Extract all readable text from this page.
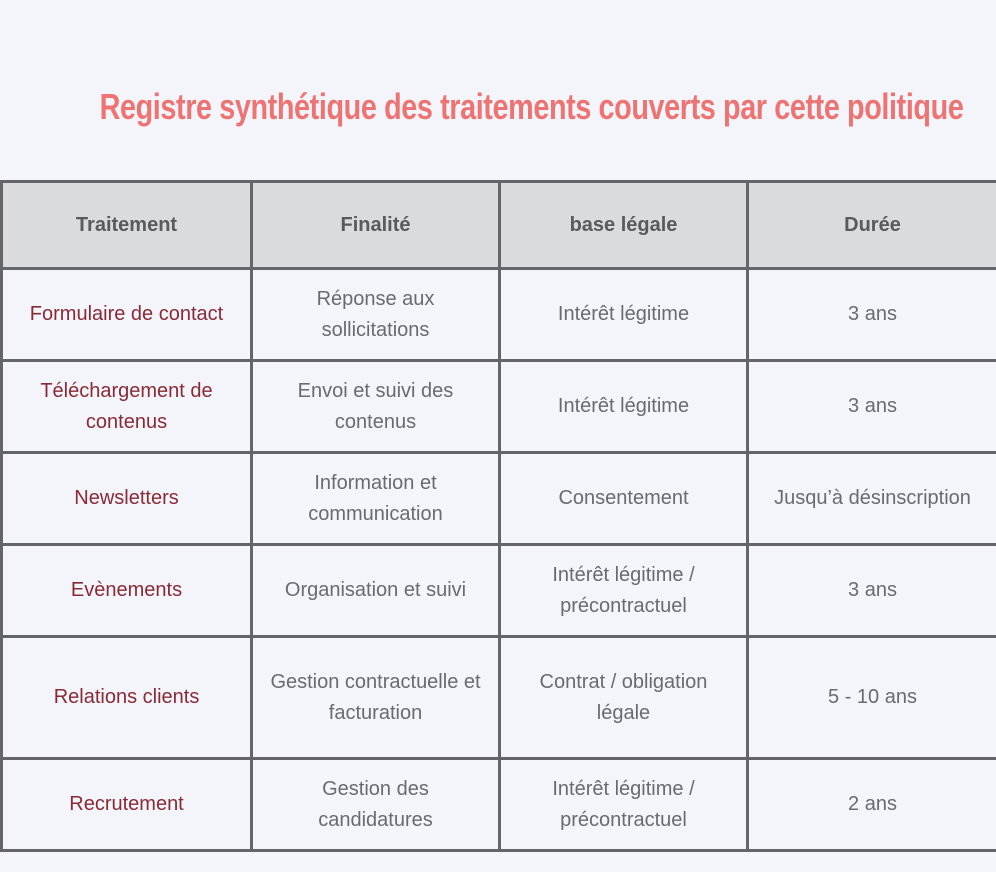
Registre synthétique des traitements couverts par cette politique
Traitement	Finalité	base légale	Durée
Formulaire de contact	Réponse aux sollicitations	Intérêt légitime	3 ans
Téléchargement de contenus	Envoi et suivi des contenus	Intérêt légitime	3 ans
Newsletters	Information et communication	Consentement	Jusqu’à désinscription
Evènements	Organisation et suivi	Intérêt légitime / précontractuel	3 ans
Relations clients	Gestion contractuelle et facturation	Contrat / obligation légale	5 - 10 ans
Recrutement	Gestion des candidatures	Intérêt légitime / précontractuel	2 ans
